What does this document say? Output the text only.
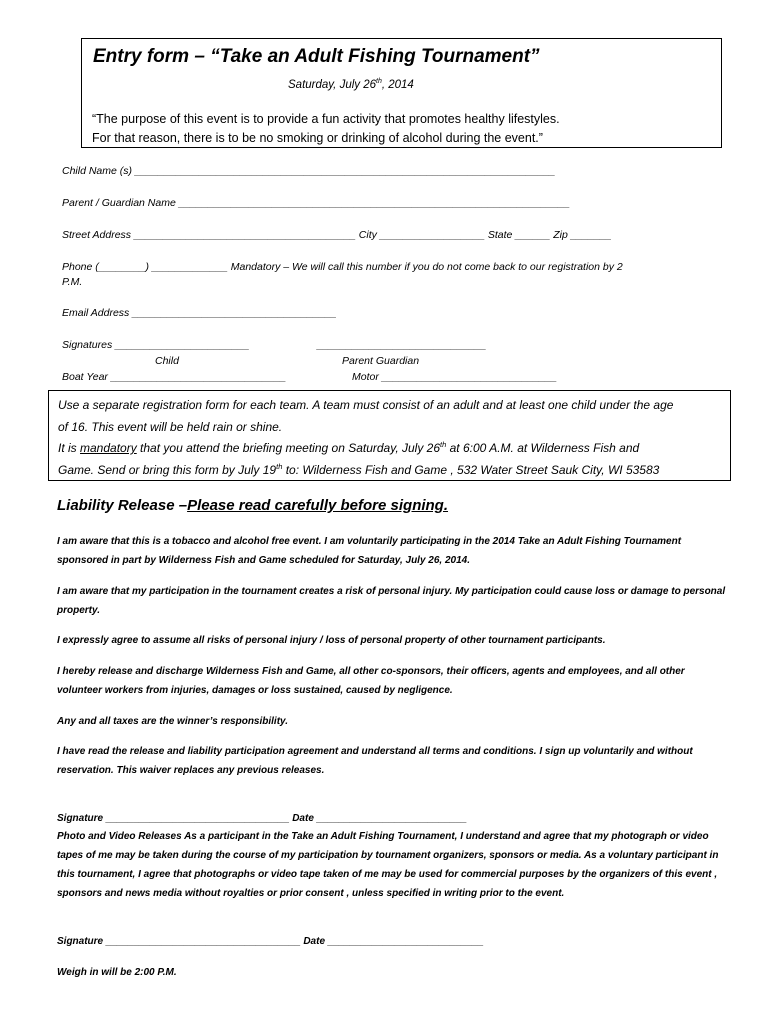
Entry form – “Take an Adult Fishing Tournament”
Saturday, July 26th, 2014
“The purpose of this event is to provide a fun activity that promotes healthy lifestyles.
For that reason, there is to be no smoking or drinking of alcohol during the event.”
Child Name (s) ________________________________________________________________________
Parent / Guardian Name ___________________________________________________________________
Street Address ______________________________________ City __________________ State ______ Zip _______
Phone (________) _____________ Mandatory – We will call this number if you do not come back to our registration by 2
P.M.
Email Address ___________________________________
Signatures _______________________	_____________________________
Child	Parent Guardian
Boat Year ______________________________	Motor ______________________________
Use a separate registration form for each team. A team must consist of an adult and at least one child under the age
of 16. This event will be held rain or shine.
It is mandatory that you attend the briefing meeting on Saturday, July 26th at 6:00 A.M. at Wilderness Fish and
Game. Send or bring this form by July 19th to: Wilderness Fish and Game , 532 Water Street Sauk City, WI 53583
Liability Release –Please read carefully before signing.
I am aware that this is a tobacco and alcohol free event. I am voluntarily participating in the 2014 Take an Adult Fishing Tournament sponsored in part by Wilderness Fish and Game scheduled for Saturday, July 26, 2014.
I am aware that my participation in the tournament creates a risk of personal injury. My participation could cause loss or damage to personal property.
I expressly agree to assume all risks of personal injury / loss of personal property of other tournament participants.
I hereby release and discharge Wilderness Fish and Game, all other co-sponsors, their officers, agents and employees, and all other volunteer workers from injuries, damages or loss sustained, caused by negligence.
Any and all taxes are the winner’s responsibility.
I have read the release and liability participation agreement and understand all terms and conditions. I sign up voluntarily and without reservation. This waiver replaces any previous releases.
Signature _________________________________ Date ___________________________
Photo and Video Releases As a participant in the Take an Adult Fishing Tournament, I understand and agree that my photograph or video tapes of me may be taken during the course of my participation by tournament organizers, sponsors or media. As a voluntary participant in this tournament, I agree that photographs or video tape taken of me may be used for commercial purposes by the organizers of this event , sponsors and news media without royalties or prior consent , unless specified in writing prior to the event.
Signature ___________________________________ Date ____________________________
Weigh in will be 2:00 P.M.
